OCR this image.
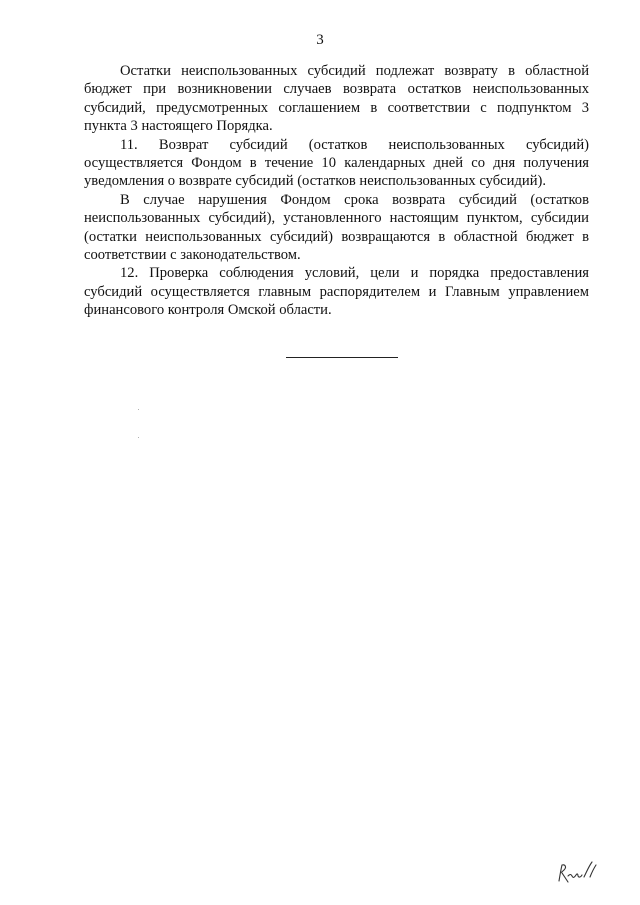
3

Остатки неиспользованных субсидий подлежат возврату в областной бюджет при возникновении случаев возврата остатков неиспользованных субсидий, предусмотренных соглашением в соответствии с подпунктом 3 пункта 3 настоящего Порядка.

11. Возврат субсидий (остатков неиспользованных субсидий) осуществляется Фондом в течение 10 календарных дней со дня получения уведомления о возврате субсидий (остатков неиспользованных субсидий).

В случае нарушения Фондом срока возврата субсидий (остатков неиспользованных субсидий), установленного настоящим пунктом, субсидии (остатки неиспользованных субсидий) возвращаются в областной бюджет в соответствии с законодательством.

12. Проверка соблюдения условий, цели и порядка предоставления субсидий осуществляется главным распорядителем и Главным управлением финансового контроля Омской области.
